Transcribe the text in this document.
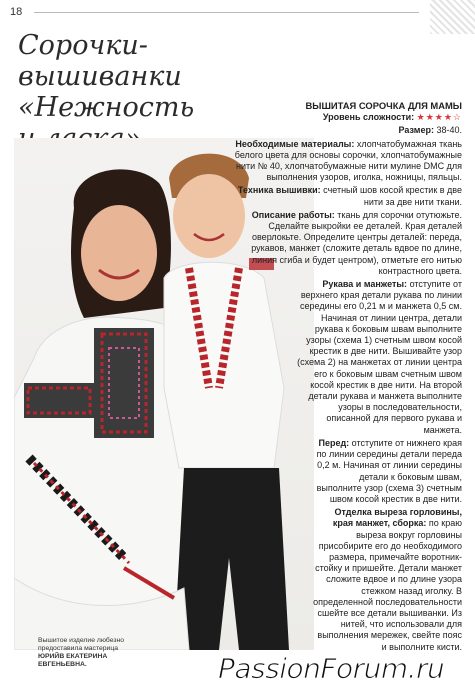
18
Сорочки-
вышиванки
«Нежность
Вышитое изделие любезно
предоставила мастерица
ЮРИЙВ ЕКАТЕРИНА
ЕВГЕНЬЕВНА.

ВЫШИТАЯ СОРОЧКА ДЛЯ МАМЫ

Уровень сложности: ★★★★☆

Размер: 38-40.

Необходимые материалы: хлопчатобумажная ткань белого цвета для основы сорочки, хлопчатобумажные нити № 40, хлопчатобумажные нити мулине DMC для выполнения узоров, иголка, ножницы, пяльцы.

Техника вышивки: счетный шов косой крестик в две нити за две нити ткани.

Описание работы: ткань для сорочки отутюжьте. Сделайте выкройки ее деталей. Края деталей оверлокьте. Определите центры деталей: переда, рукавов, манжет (сложите деталь вдвое по длине, линия сгиба и будет центром), отметьте его нитью контрастного цвета.

Рукава и манжеты: отступите от верхнего края детали рукава по линии середины его 0,21 м и манжета 0,5 см. Начиная от линии центра, детали рукава к боковым швам выполните узоры (схема 1) счетным швом косой крестик в две нити. Вышивайте узор (схема 2) на манжетах от линии центра его к боковым швам счетным швом косой крестик в две нити. На второй детали рукава и манжета выполните узоры в последовательности, описанной для первого рукава и манжета.

Перед: отступите от нижнего края по линии середины детали переда 0,2 м. Начиная от линии середины детали к боковым швам, выполните узор (схема 3) счетным швом косой крестик в две нити.

Отделка выреза горловины, края манжет, сборка: по краю выреза вокруг горловины присобирите его до необходимого размера, примечайте воротник-стойку и пришейте. Детали манжет сложите вдвое и по длине узора стежком назад иголку. В определенной последовательности сшейте все детали вышиванки. Из нитей, что использовали для выполнения мережек, свейте пояс и выполните кисти.

PassionForum.ru
